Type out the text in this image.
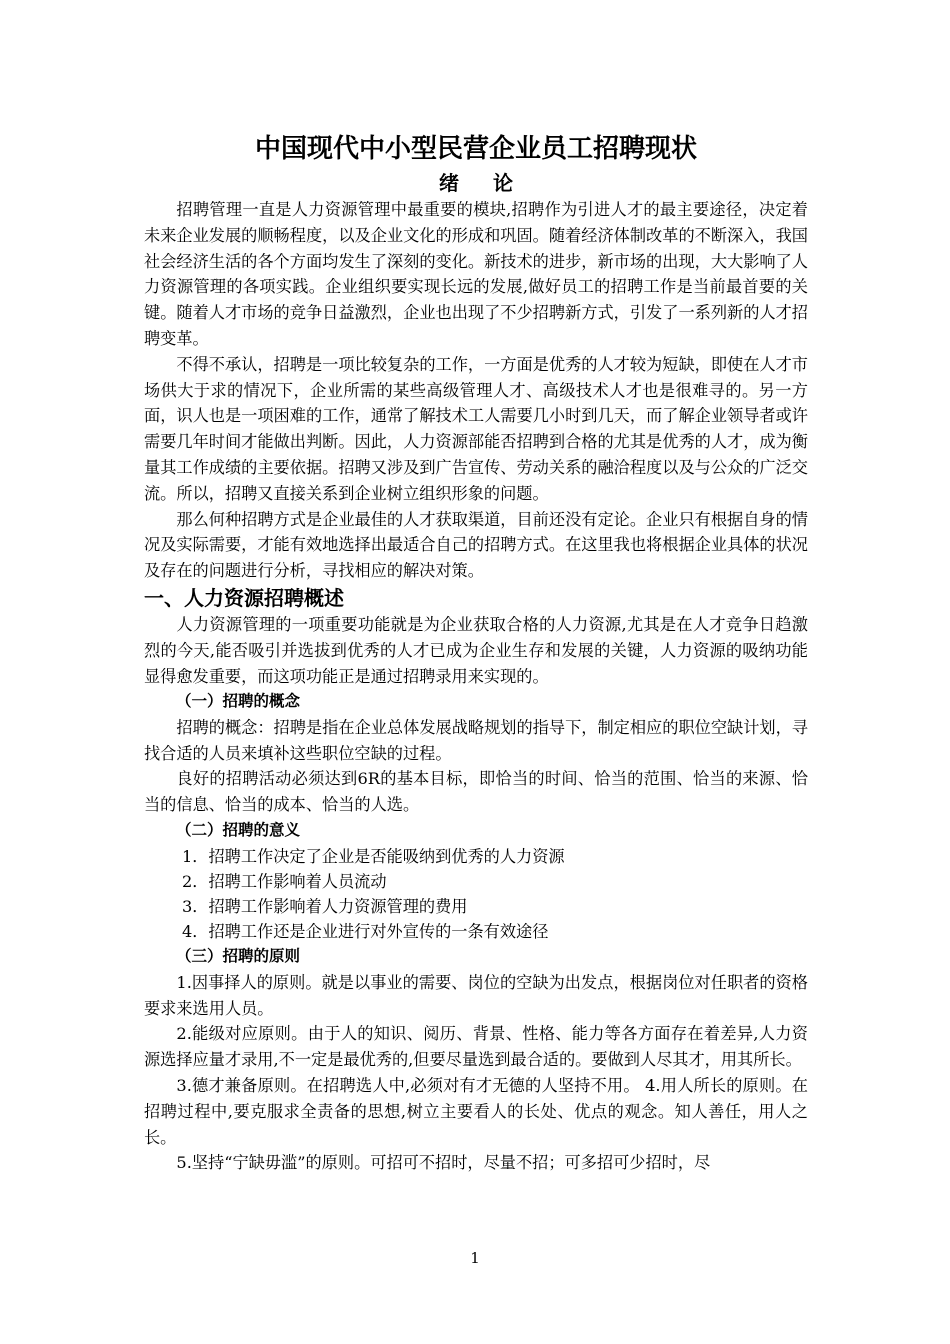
中国现代中小型民营企业员工招聘现状
绪论

招聘管理一直是人力资源管理中最重要的模块,招聘作为引进人才的最主要途径，决定着未来企业发展的顺畅程度，以及企业文化的形成和巩固。随着经济体制改革的不断深入，我国社会经济生活的各个方面均发生了深刻的变化。新技术的进步，新市场的出现，大大影响了人力资源管理的各项实践。企业组织要实现长远的发展,做好员工的招聘工作是当前最首要的关键。随着人才市场的竞争日益激烈，企业也出现了不少招聘新方式，引发了一系列新的人才招聘变革。

不得不承认，招聘是一项比较复杂的工作，一方面是优秀的人才较为短缺，即使在人才市场供大于求的情况下，企业所需的某些高级管理人才、高级技术人才也是很难寻的。另一方面，识人也是一项困难的工作，通常了解技术工人需要几小时到几天，而了解企业领导者或许需要几年时间才能做出判断。因此，人力资源部能否招聘到合格的尤其是优秀的人才，成为衡量其工作成绩的主要依据。招聘又涉及到广告宣传、劳动关系的融洽程度以及与公众的广泛交流。所以，招聘又直接关系到企业树立组织形象的问题。

那么何种招聘方式是企业最佳的人才获取渠道，目前还没有定论。企业只有根据自身的情况及实际需要，才能有效地选择出最适合自己的招聘方式。在这里我也将根据企业具体的状况及存在的问题进行分析，寻找相应的解决对策。

一、人力资源招聘概述

人力资源管理的一项重要功能就是为企业获取合格的人力资源,尤其是在人才竞争日趋激烈的今天,能否吸引并选拔到优秀的人才已成为企业生存和发展的关键，人力资源的吸纳功能显得愈发重要，而这项功能正是通过招聘录用来实现的。

（一）招聘的概念

招聘的概念：招聘是指在企业总体发展战略规划的指导下，制定相应的职位空缺计划，寻找合适的人员来填补这些职位空缺的过程。

良好的招聘活动必须达到6R的基本目标，即恰当的时间、恰当的范围、恰当的来源、恰当的信息、恰当的成本、恰当的人选。

（二）招聘的意义
1．招聘工作决定了企业是否能吸纳到优秀的人力资源
2．招聘工作影响着人员流动
3．招聘工作影响着人力资源管理的费用
4．招聘工作还是企业进行对外宣传的一条有效途径
（三）招聘的原则

1.因事择人的原则。就是以事业的需要、岗位的空缺为出发点，根据岗位对任职者的资格要求来选用人员。

2.能级对应原则。由于人的知识、阅历、背景、性格、能力等各方面存在着差异,人力资源选择应量才录用,不一定是最优秀的,但要尽量选到最合适的。要做到人尽其才，用其所长。

3.德才兼备原则。在招聘选人中,必须对有才无德的人坚持不用。 4.用人所长的原则。在招聘过程中,要克服求全责备的思想,树立主要看人的长处、优点的观念。知人善任，用人之长。

5.坚持“宁缺毋滥”的原则。可招可不招时，尽量不招；可多招可少招时，尽

1
